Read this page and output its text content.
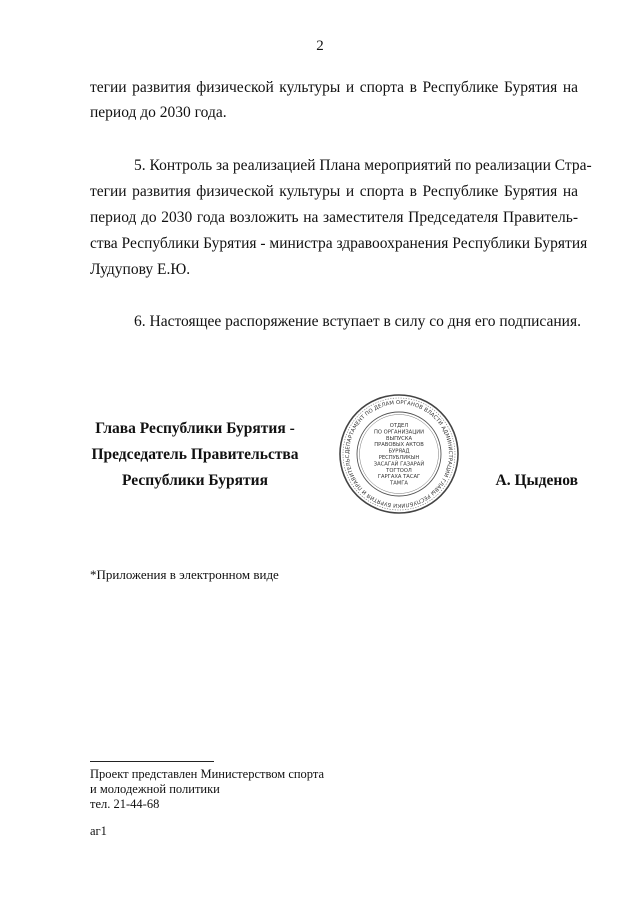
2
тегии развития физической культуры и спорта в Республике Бурятия на
период до 2030 года.
5. Контроль за реализацией Плана мероприятий по реализации Стра-
тегии развития физической культуры и спорта в Республике Бурятия на
период до 2030 года возложить на заместителя Председателя Правитель-
ства Республики Бурятия - министра здравоохранения Республики Бурятия
Лудупову Е.Ю.
6. Настоящее распоряжение вступает в силу со дня его подписания.
Глава Республики Бурятия -
Председатель Правительства
Республики Бурятия	А. Цыденов
ДЕПАРТАМЕНТ ПО ДЕЛАМ ОРГАНОВ ВЛАСТИ АДМИНИСТРАЦИИ ГЛАВЫ РЕСПУБЛИКИ БУРЯТИЯ И ПРАВИТЕЛЬС
ОТДЕЛ
ПО ОРГАНИЗАЦИИ
ВЫПУСКА
ПРАВОВЫХ АКТОВ
БУРЯАД
РЕСПУБЛИКЫН
ЗАСАГАЙ ГАЗАРАЙ
ТОГТООЛ
ГАРГАХА ТАСАГ
ТАМГА
*Приложения в электронном виде
Проект представлен Министерством спорта
и молодежной политики
тел. 21-44-68
аг1
